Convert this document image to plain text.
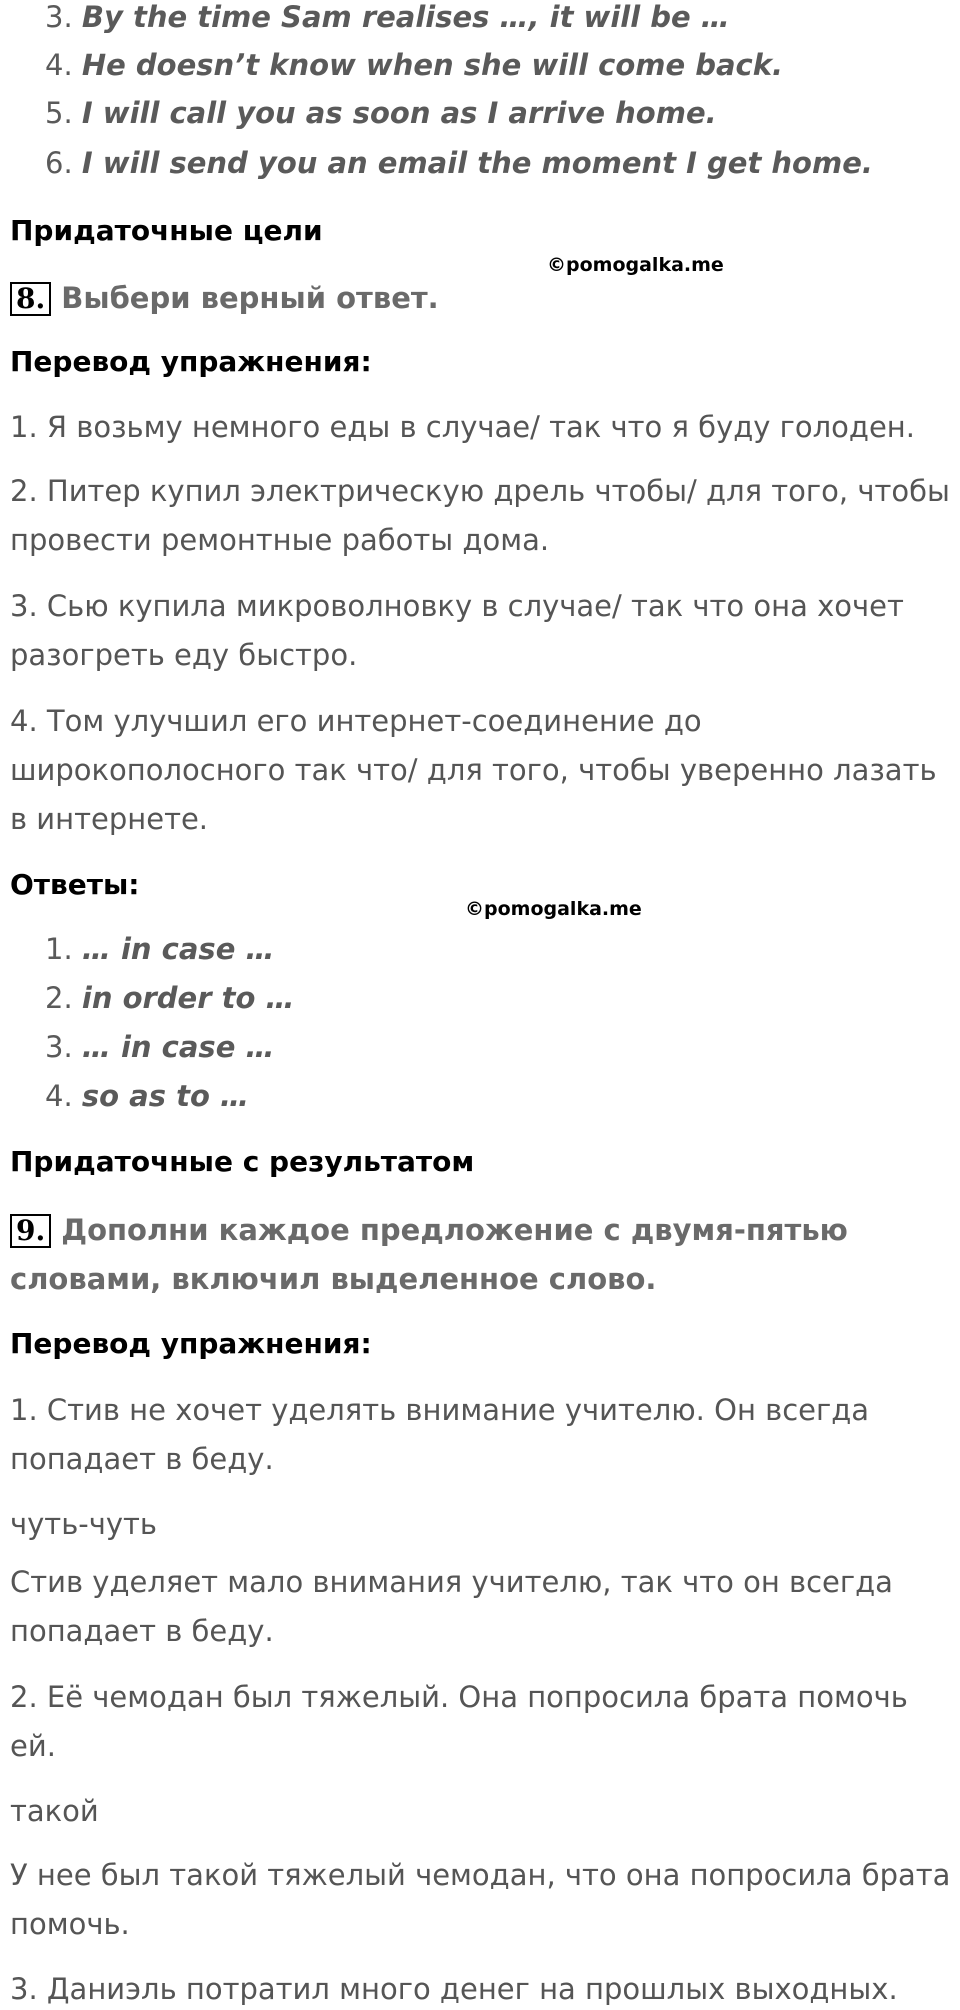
3. By the time Sam realises …, it will be …
4. He doesn’t know when she will come back.
5. I will call you as soon as I arrive home.
6. I will send you an email the moment I get home.
Придаточные цели
©pomogalka.me
8. Выбери верный ответ.
Перевод упражнения:
1. Я возьму немного еды в случае/ так что я буду голоден.
2. Питер купил электрическую дрель чтобы/ для того, чтобы
провести ремонтные работы дома.
3. Сью купила микроволновку в случае/ так что она хочет
разогреть еду быстро.
4. Том улучшил его интернет-соединение до
широкополосного так что/ для того, чтобы уверенно лазать
в интернете.
Ответы:
©pomogalka.me
1. … in case …
2. in order to …
3. … in case …
4. so as to …
Придаточные с результатом
9. Дополни каждое предложение с двумя-пятью
словами, включил выделенное слово.
Перевод упражнения:
1. Стив не хочет уделять внимание учителю. Он всегда
попадает в беду.
чуть-чуть
Стив уделяет мало внимания учителю, так что он всегда
попадает в беду.
2. Её чемодан был тяжелый. Она попросила брата помочь
ей.
такой
У нее был такой тяжелый чемодан, что она попросила брата
помочь.
3. Даниэль потратил много денег на прошлых выходных.
